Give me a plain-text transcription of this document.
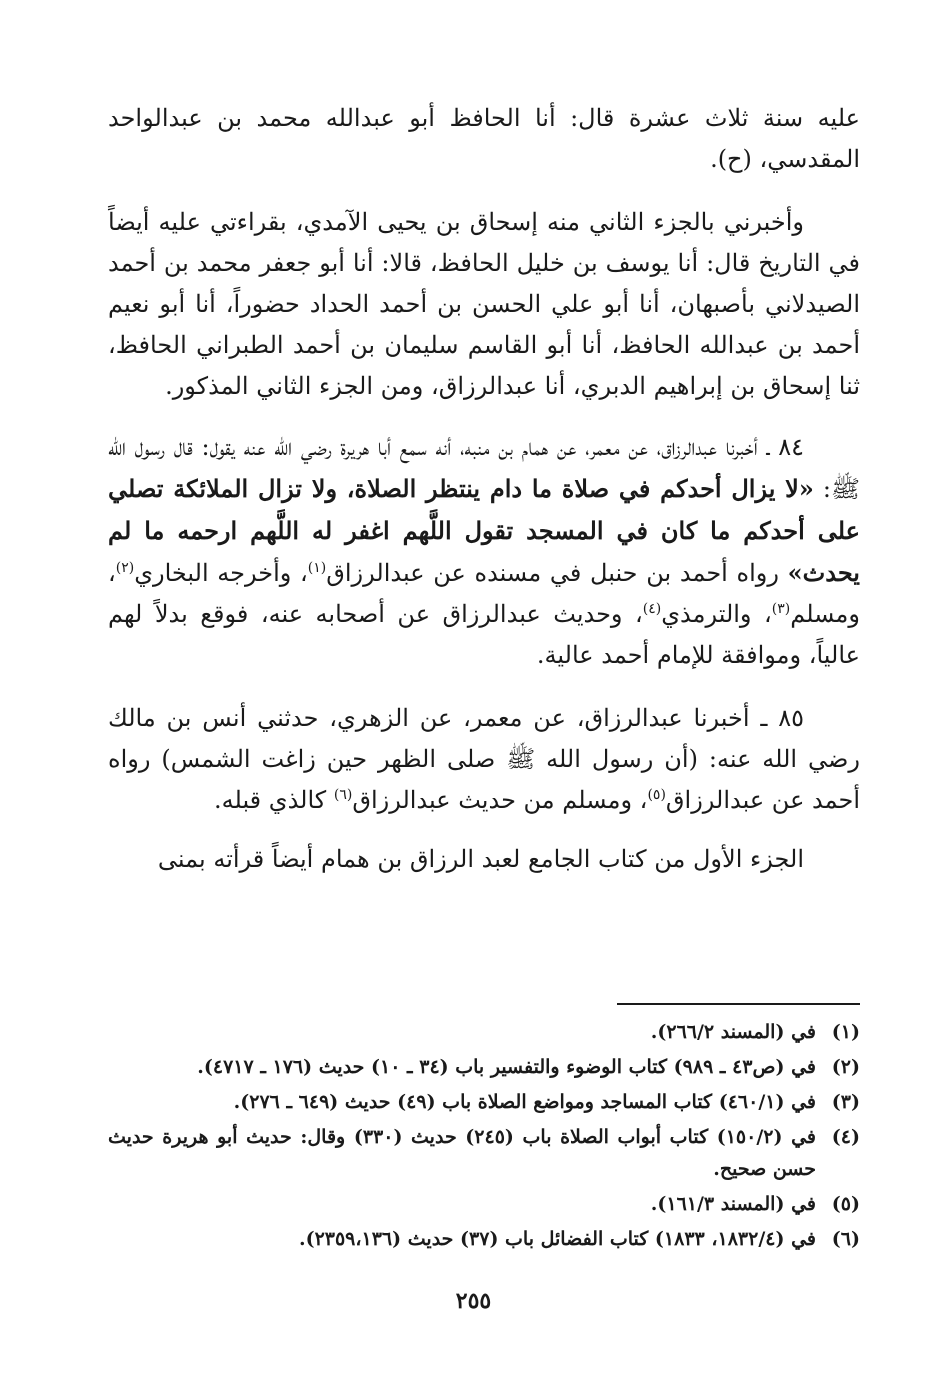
عليه سنة ثلاث عشرة قال: أنا الحافظ أبو عبدالله محمد بن عبدالواحد المقدسي، (ح).

وأخبرني بالجزء الثاني منه إسحاق بن يحيى الآمدي، بقراءتي عليه أيضاً في التاريخ قال: أنا يوسف بن خليل الحافظ، قالا: أنا أبو جعفر محمد بن أحمد الصيدلاني بأصبهان، أنا أبو علي الحسن بن أحمد الحداد حضوراً، أنا أبو نعيم أحمد بن عبدالله الحافظ، أنا أبو القاسم سليمان بن أحمد الطبراني الحافظ، ثنا إسحاق بن إبراهيم الدبري، أنا عبدالرزاق، ومن الجزء الثاني المذكور.

٨٤ ـ أخبرنا عبدالرزاق، عن معمر، عن همام بن منبه، أنه سمع أبا هريرة رضي الله عنه يقول: قال رسول الله ﷺ: «لا يزال أحدكم في صلاة ما دام ينتظر الصلاة، ولا تزال الملائكة تصلي على أحدكم ما كان في المسجد تقول اللَّهم اغفر له اللَّهم ارحمه ما لم يحدث» رواه أحمد بن حنبل في مسنده عن عبدالرزاق$^{(١)}$، وأخرجه البخاري$^{(٢)}$، ومسلم$^{(٣)}$، والترمذي$^{(٤)}$، وحديث عبدالرزاق عن أصحابه عنه، فوقع بدلاً لهم عالياً، وموافقة للإمام أحمد عالية.

٨٥ ـ أخبرنا عبدالرزاق، عن معمر، عن الزهري، حدثني أنس بن مالك رضي الله عنه: (أن رسول الله ﷺ صلى الظهر حين زاغت الشمس) رواه أحمد عن عبدالرزاق$^{(٥)}$، ومسلم من حديث عبدالرزاق$^{(٦)}$ كالذي قبله.

الجزء الأول من كتاب الجامع لعبد الرزاق بن همام أيضاً قرأته بمنى

(١)
في (المسند ٢٦٦/٢).
(٢)
في (ص٤٣ ـ ٩٨٩) كتاب الوضوء والتفسير باب (٣٤ ـ ١٠) حديث (١٧٦ ـ ٤٧١٧).
(٣)
في (٤٦٠/١) كتاب المساجد ومواضع الصلاة باب (٤٩) حديث (٦٤٩ ـ ٢٧٦).
(٤)
في (١٥٠/٢) كتاب أبواب الصلاة باب (٢٤٥) حديث (٣٣٠) وقال: حديث أبو هريرة حديث حسن صحيح.
(٥)
في (المسند ١٦١/٣).
(٦)
في (١٨٣٢/٤، ١٨٣٣) كتاب الفضائل باب (٣٧) حديث (٢٣٥٩،١٣٦).
٢٥٥
